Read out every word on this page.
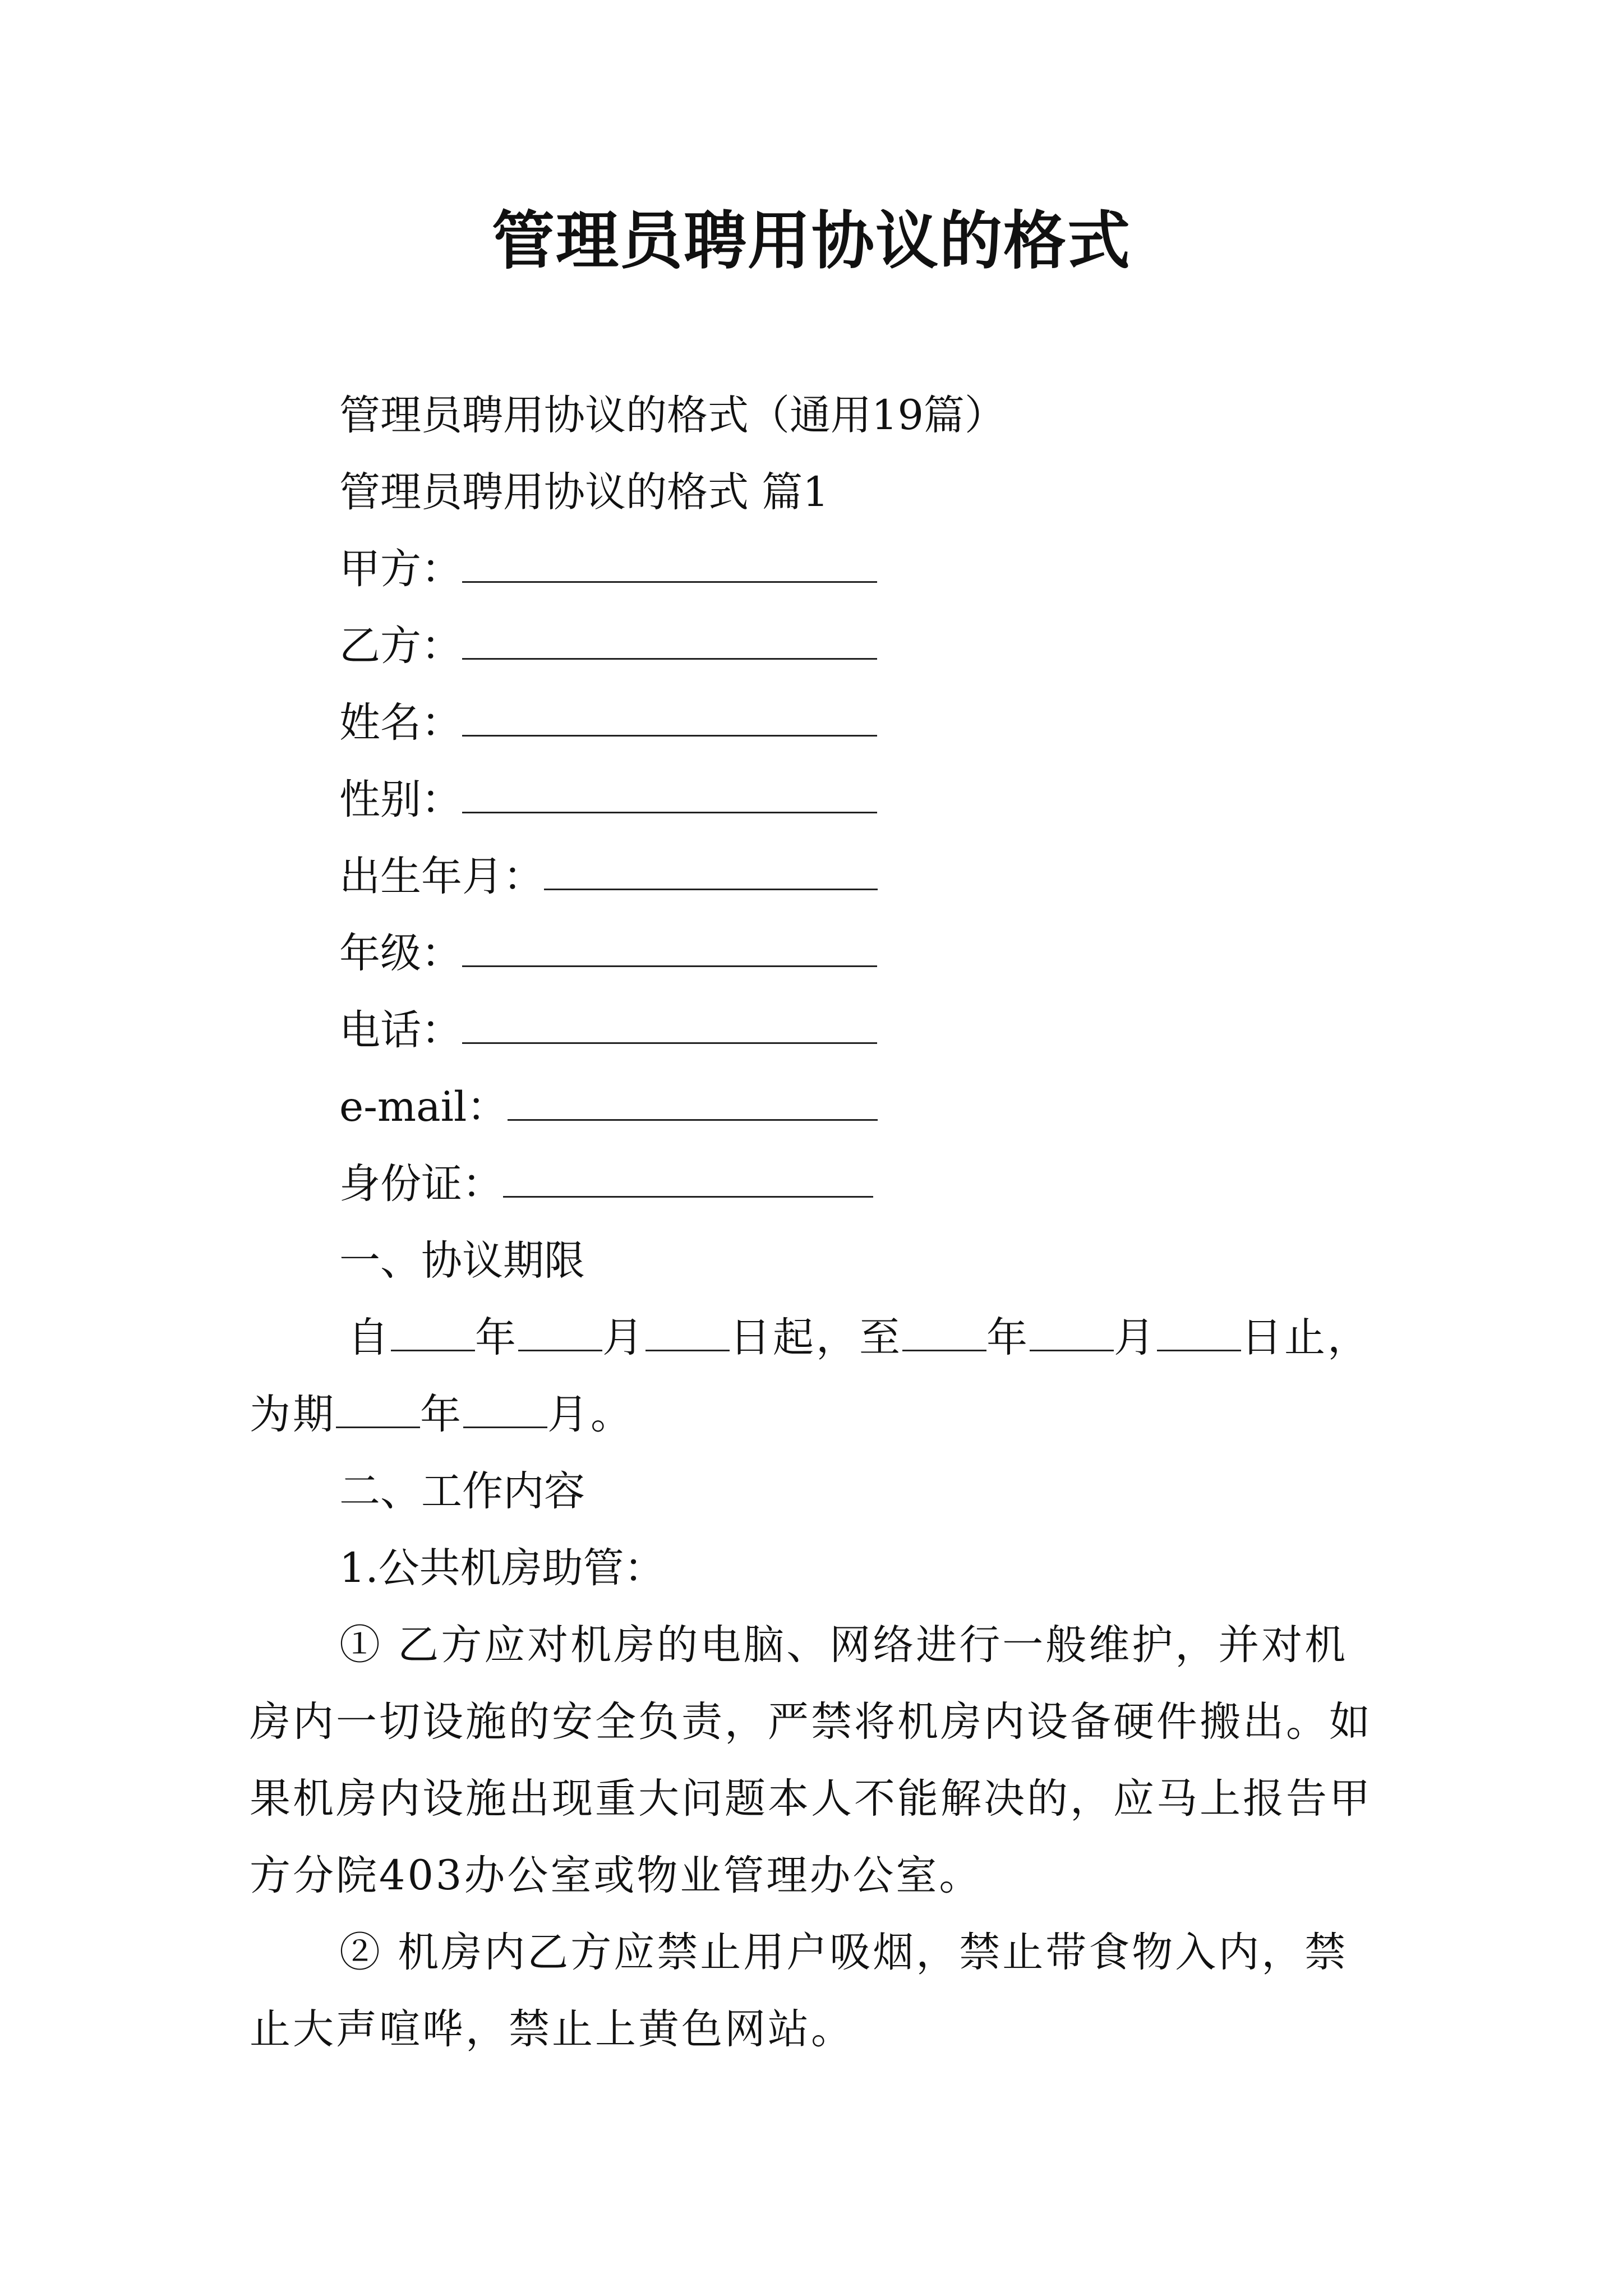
管理员聘用协议的格式
管理员聘用协议的格式（通用19篇）
管理员聘用协议的格式 篇1
甲方：
乙方：
姓名：
性别：
出生年月：
年级：
电话：
e-mail：
身份证：
一、协议期限
自 年 月 日起，至 年 月 日止，
为期 年 月。
二、工作内容
1.公共机房助管：
① 乙方应对机房的电脑、网络进行一般维护，并对机
房内一切设施的安全负责，严禁将机房内设备硬件搬出。如
果机房内设施出现重大问题本人不能解决的，应马上报告甲
方分院403办公室或物业管理办公室。
② 机房内乙方应禁止用户吸烟，禁止带食物入内，禁
止大声喧哗，禁止上黄色网站。
